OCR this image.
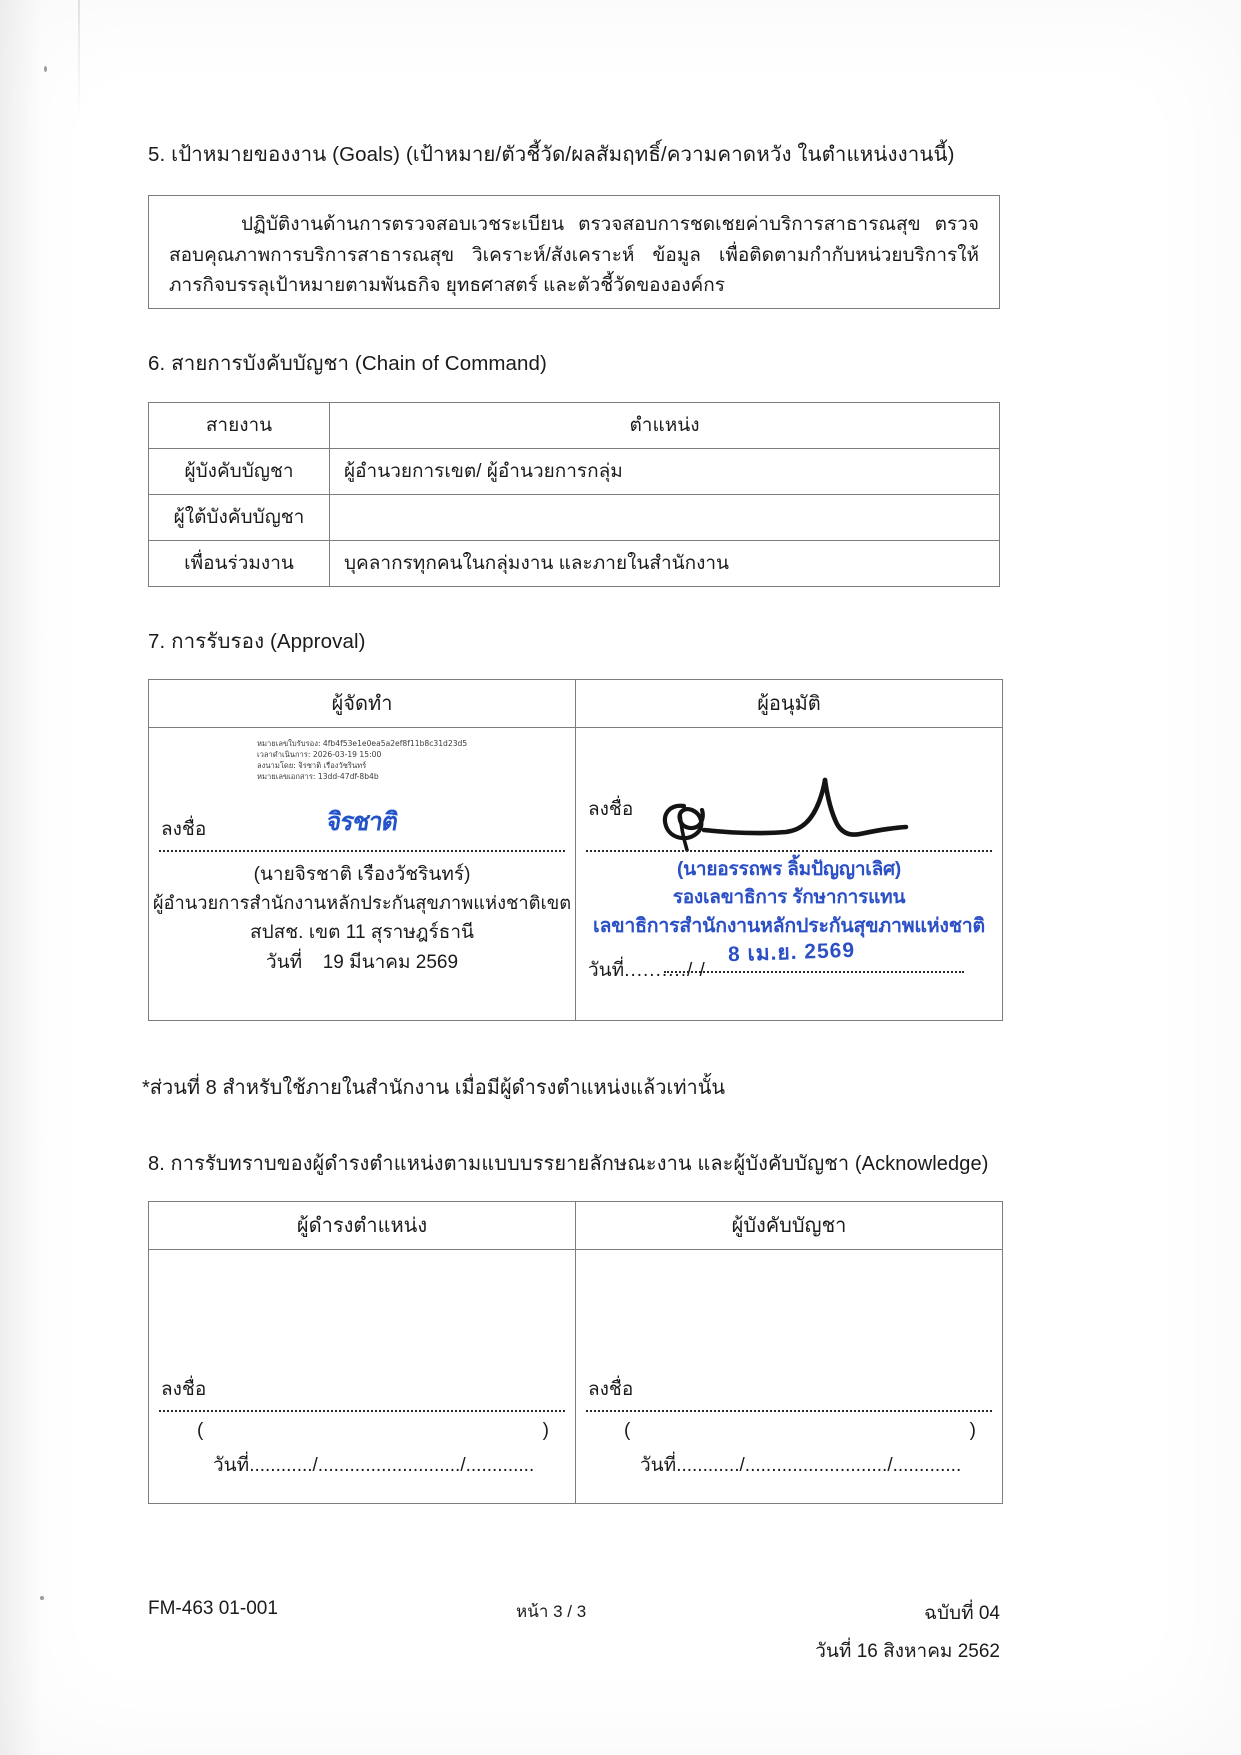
5. เป้าหมายของงาน (Goals) (เป้าหมาย/ตัวชี้วัด/ผลสัมฤทธิ์/ความคาดหวัง ในตำแหน่งงานนี้)

ปฏิบัติงานด้านการตรวจสอบเวชระเบียน ตรวจสอบการชดเชยค่าบริการสาธารณสุข ตรวจสอบคุณภาพการบริการสาธารณสุข วิเคราะห์/สังเคราะห์ ข้อมูล เพื่อติดตามกำกับหน่วยบริการให้ภารกิจบรรลุเป้าหมายตามพันธกิจ ยุทธศาสตร์ และตัวชี้วัดขององค์กร

6. สายการบังคับบัญชา (Chain of Command)
สายงาน	ตำแหน่ง
ผู้บังคับบัญชา	ผู้อำนวยการเขต/ ผู้อำนวยการกลุ่ม
ผู้ใต้บังคับบัญชา	
เพื่อนร่วมงาน	บุคลากรทุกคนในกลุ่มงาน และภายในสำนักงาน
7. การรับรอง (Approval)
ผู้จัดทำ
หมายเลขใบรับรอง: 4fb4f53e1e0ea5a2ef8f11b8c31d23d5
เวลาดำเนินการ: 2026-03-19 15:00
ลงนามโดย: จิรชาติ เรืองวัชรินทร์
หมายเลขเอกสาร: 13dd-47df-8b4b
ลงชื่อ	จิรชาติ
(นายจิรชาติ เรืองวัชรินทร์)
ผู้อำนวยการสำนักงานหลักประกันสุขภาพแห่งชาติเขต
สปสช. เขต 11 สุราษฎร์ธานี
วันที่ 19 มีนาคม 2569

ผู้อนุมัติ
ลงชื่อ
(นายอรรถพร ลิ้มปัญญาเลิศ)
รองเลขาธิการ รักษาการแทน
เลขาธิการสำนักงานหลักประกันสุขภาพแห่งชาติ
8 เม.ย. 2569
วันที่........../ /
*ส่วนที่ 8 สำหรับใช้ภายในสำนักงาน เมื่อมีผู้ดำรงตำแหน่งแล้วเท่านั้น
8. การรับทราบของผู้ดำรงตำแหน่งตามแบบบรรยายลักษณะงาน และผู้บังคับบัญชา (Acknowledge)
ผู้ดำรงตำแหน่ง
ลงชื่อ
(	)
วันที่............/.........................../.............

ผู้บังคับบัญชา
ลงชื่อ
(	)
วันที่............/.........................../.............
FM-463 01-001	หน้า 3 / 3	ฉบับที่ 04
วันที่ 16 สิงหาคม 2562
